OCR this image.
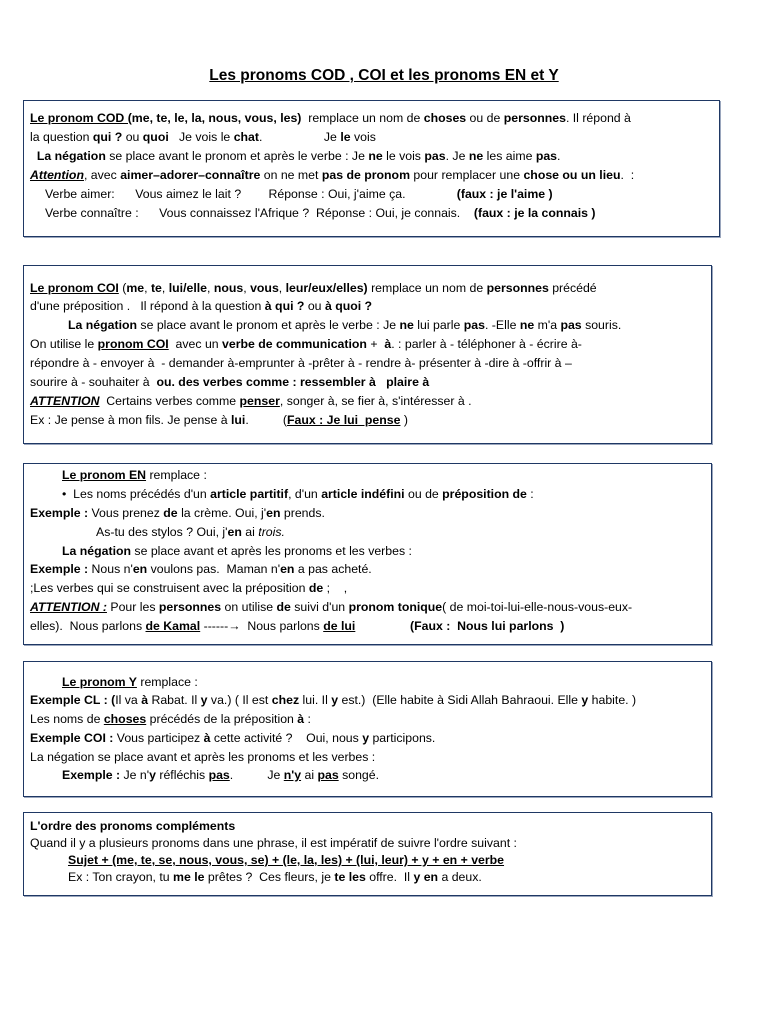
Les pronoms COD , COI et les pronoms EN et Y
Le pronom COD (me, te, le, la, nous, vous, les)  remplace un nom de choses ou de personnes. Il répond à
la question qui ? ou quoi   Je vois le chat.                  Je le vois
La négation se place avant le pronom et après le verbe : Je ne le vois pas. Je ne les aime pas.
Attention, avec aimer–adorer–connaître on ne met pas de pronom pour remplacer une chose ou un lieu.  :
Verbe aimer:      Vous aimez le lait ?        Réponse : Oui, j'aime ça.               (faux : je l'aime )
Verbe connaître :      Vous connaissez l'Afrique ?  Réponse : Oui, je connais.    (faux : je la connais )
Le pronom COI (me, te, lui/elle, nous, vous, leur/eux/elles) remplace un nom de personnes précédé
d'une préposition .   Il répond à la question à qui ? ou à quoi ?
La négation se place avant le pronom et après le verbe : Je ne lui parle pas. -Elle ne m'a pas souris.
On utilise le pronom COI  avec un verbe de communication +  à. : parler à - téléphoner à - écrire à-
répondre à - envoyer à  - demander à-emprunter à -prêter à - rendre à- présenter à -dire à -offrir à –
sourire à - souhaiter à  ou. des verbes comme : ressembler à   plaire à
ATTENTION  Certains verbes comme penser, songer à, se fier à, s'intéresser à .
Ex : Je pense à mon fils. Je pense à lui.          (Faux : Je lui  pense )
Le pronom EN remplace :
•  Les noms précédés d'un article partitif, d'un article indéfini ou de préposition de :
Exemple : Vous prenez de la crème. Oui, j'en prends.
As-tu des stylos ? Oui, j'en ai trois.
La négation se place avant et après les pronoms et les verbes :
Exemple : Nous n'en voulons pas.  Maman n'en a pas acheté.
;Les verbes qui se construisent avec la préposition de ;    ,
ATTENTION : Pour les personnes on utilise de suivi d'un pronom tonique( de moi-toi-lui-elle-nous-vous-eux-
elles).  Nous parlons de Kamal ------→  Nous parlons de lui	(Faux :  Nous lui parlons  )
Le pronom Y remplace :
Exemple CL : (Il va à Rabat. Il y va.) ( Il est chez lui. Il y est.)  (Elle habite à Sidi Allah Bahraoui. Elle y habite. )
Les noms de choses précédés de la préposition à :
Exemple COI : Vous participez à cette activité ?    Oui, nous y participons.
La négation se place avant et après les pronoms et les verbes :
Exemple : Je n'y réfléchis pas.          Je n'y ai pas songé.
L'ordre des pronoms compléments
Quand il y a plusieurs pronoms dans une phrase, il est impératif de suivre l'ordre suivant :
Sujet + (me, te, se, nous, vous, se) + (le, la, les) + (lui, leur) + y + en + verbe
Ex : Ton crayon, tu me le prêtes ?  Ces fleurs, je te les offre.  Il y en a deux.
